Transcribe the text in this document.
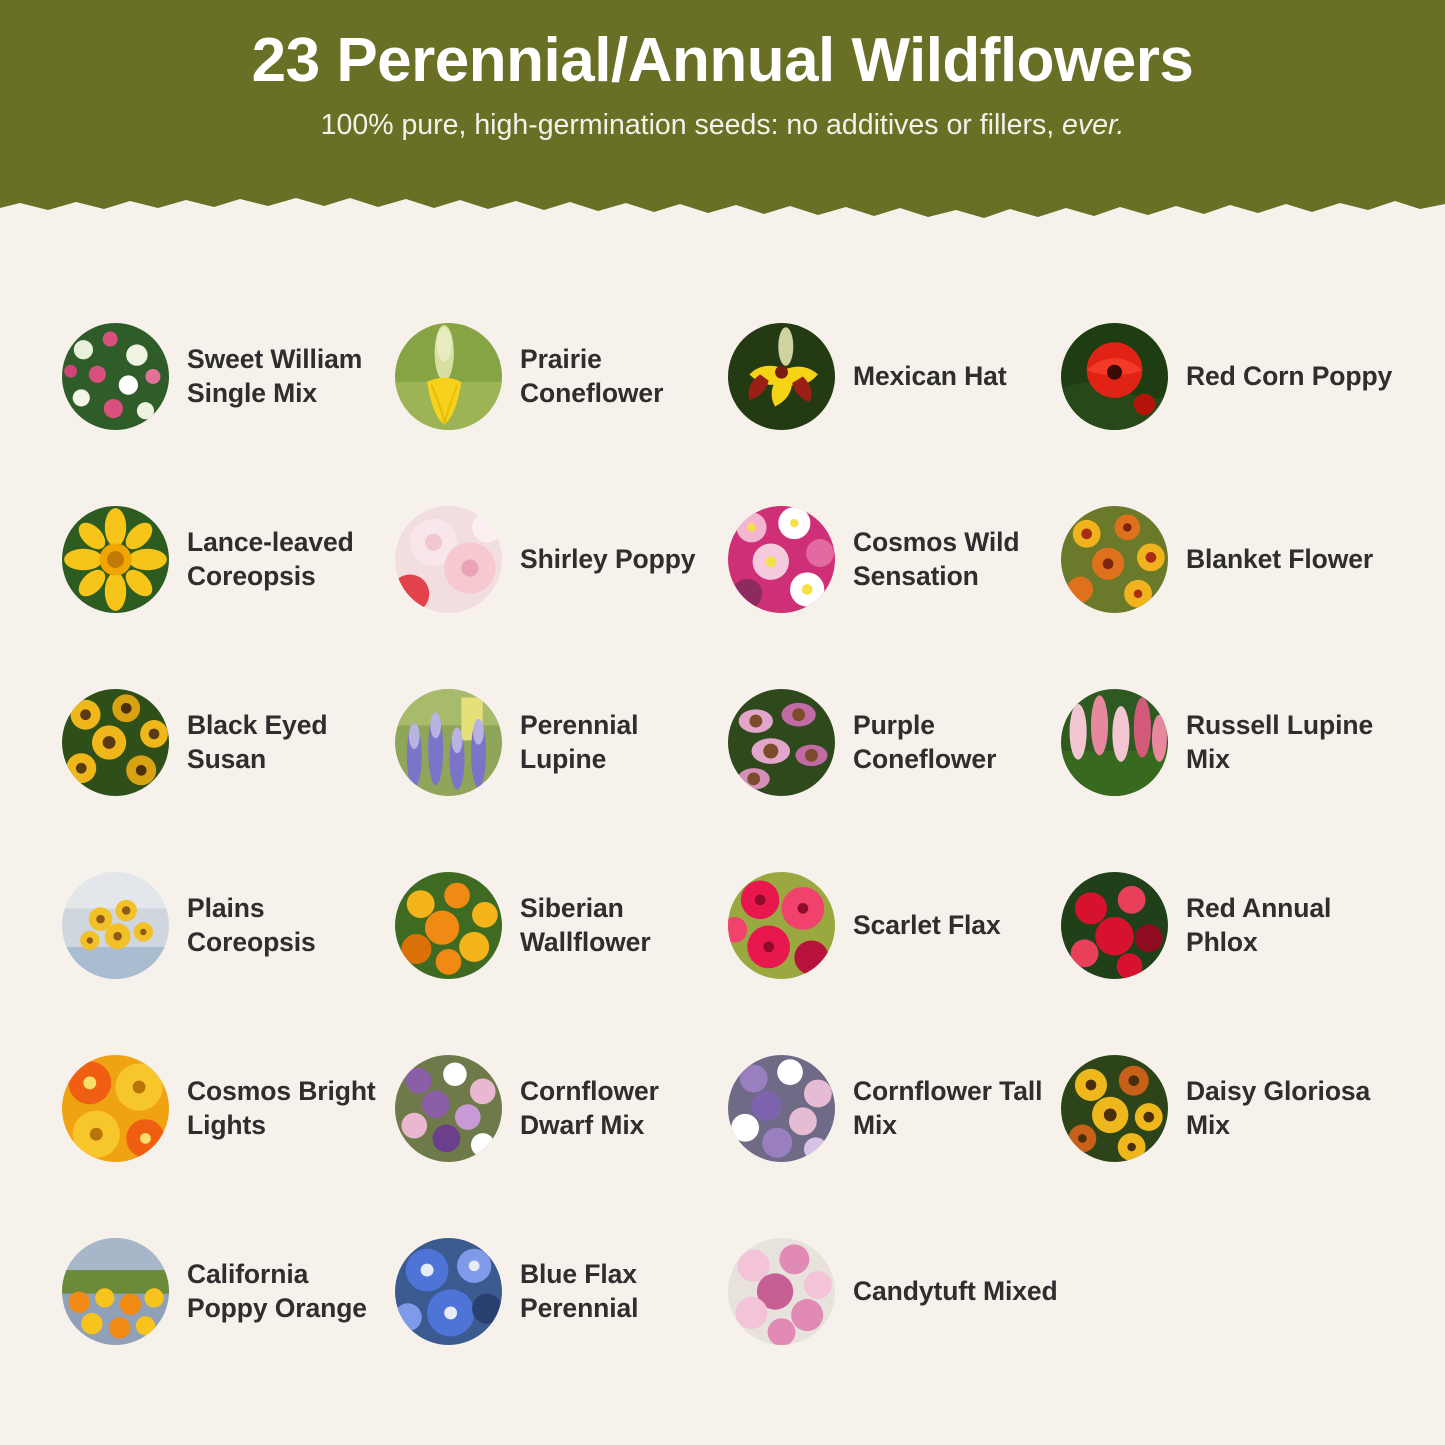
23 Perennial/Annual Wildflowers
100% pure, high-germination seeds: no additives or fillers, ever.
Sweet William Single Mix
Prairie Coneflower
Mexican Hat	Red Corn Poppy
Lance-leaved Coreopsis
Shirley Poppy
Cosmos Wild Sensation
Blanket Flower
Black Eyed Susan
Perennial Lupine
Purple Coneflower
Russell Lupine Mix
Plains Coreopsis
Siberian Wallflower
Scarlet Flax
Red Annual Phlox
Cosmos Bright Lights
Cornflower Dwarf Mix
Cornflower Tall Mix
Daisy Gloriosa Mix
California Poppy Orange
Blue Flax Perennial
Candytuft Mixed
